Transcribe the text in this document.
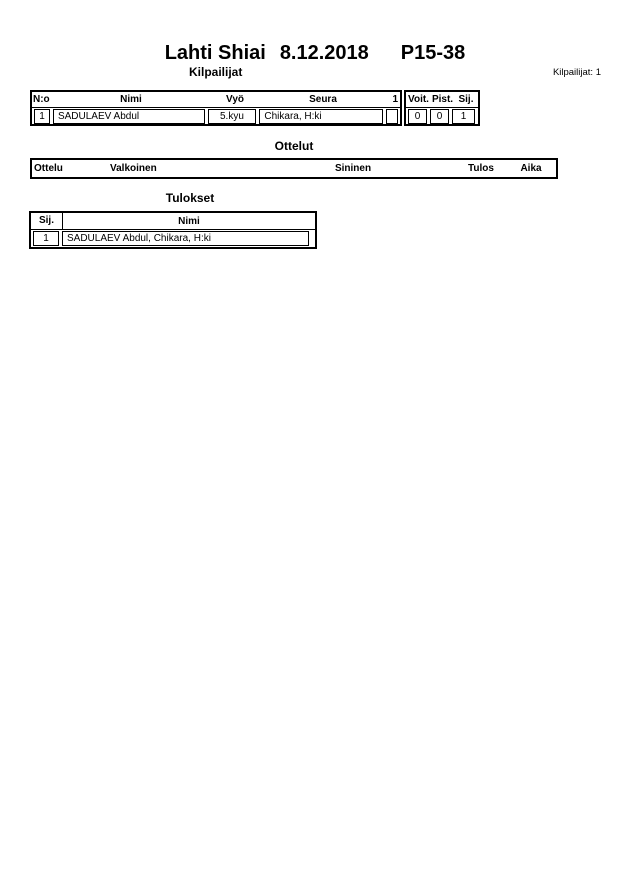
Lahti Shiai 8.12.2018 P15-38
Kilpailijat	Kilpailijat: 1
N:o	Nimi	Vyö	Seura	1
1	SADULAEV Abdul	5.kyu	Chikara, H:ki
Voit. Pist. Sij.
0	0	1
Ottelut
Ottelu	Valkoinen	Sininen	Tulos	Aika
Tulokset
Sij.	Nimi
1	SADULAEV Abdul, Chikara, H:ki
